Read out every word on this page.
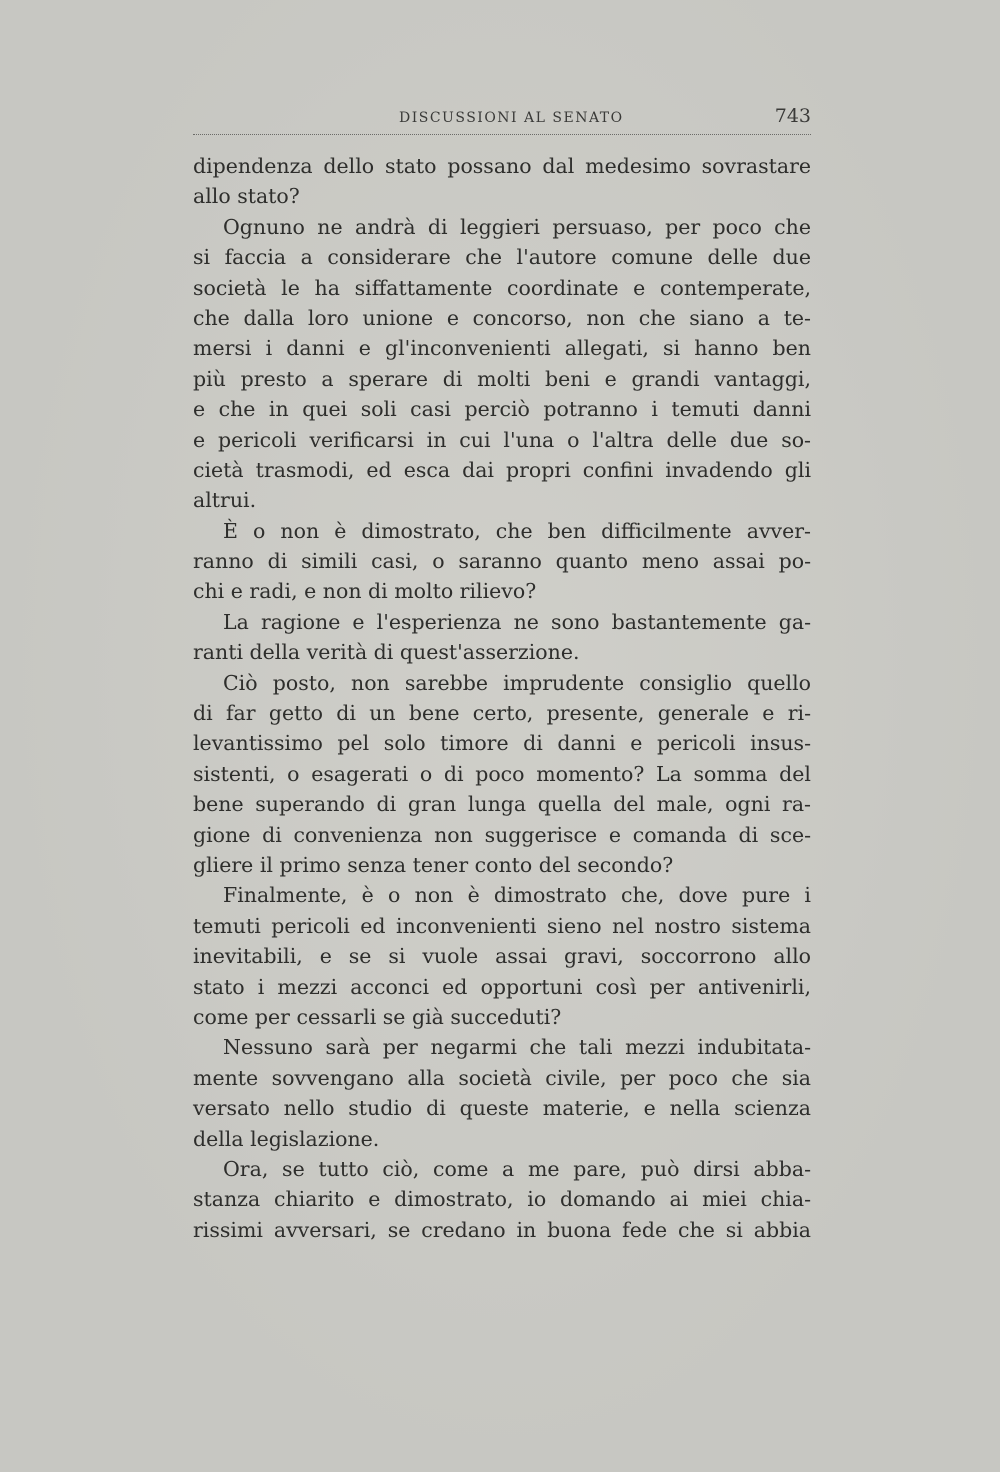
DISCUSSIONI AL SENATO	743
dipendenza dello stato possano dal medesimo sovrastare
allo stato?
Ognuno ne andrà di leggieri persuaso, per poco che
si faccia a considerare che l'autore comune delle due
società le ha siffattamente coordinate e contemperate,
che dalla loro unione e concorso, non che siano a te-
mersi i danni e gl'inconvenienti allegati, si hanno ben
più presto a sperare di molti beni e grandi vantaggi,
e che in quei soli casi perciò potranno i temuti danni
e pericoli verificarsi in cui l'una o l'altra delle due so-
cietà trasmodi, ed esca dai propri confini invadendo gli
altrui.
È o non è dimostrato, che ben difficilmente avver-
ranno di simili casi, o saranno quanto meno assai po-
chi e radi, e non di molto rilievo?
La ragione e l'esperienza ne sono bastantemente ga-
ranti della verità di quest'asserzione.
Ciò posto, non sarebbe imprudente consiglio quello
di far getto di un bene certo, presente, generale e ri-
levantissimo pel solo timore di danni e pericoli insus-
sistenti, o esagerati o di poco momento? La somma del
bene superando di gran lunga quella del male, ogni ra-
gione di convenienza non suggerisce e comanda di sce-
gliere il primo senza tener conto del secondo?
Finalmente, è o non è dimostrato che, dove pure i
temuti pericoli ed inconvenienti sieno nel nostro sistema
inevitabili, e se si vuole assai gravi, soccorrono allo
stato i mezzi acconci ed opportuni così per antivenirli,
come per cessarli se già succeduti?
Nessuno sarà per negarmi che tali mezzi indubitata-
mente sovvengano alla società civile, per poco che sia
versato nello studio di queste materie, e nella scienza
della legislazione.
Ora, se tutto ciò, come a me pare, può dirsi abba-
stanza chiarito e dimostrato, io domando ai miei chia-
rissimi avversari, se credano in buona fede che si abbia
